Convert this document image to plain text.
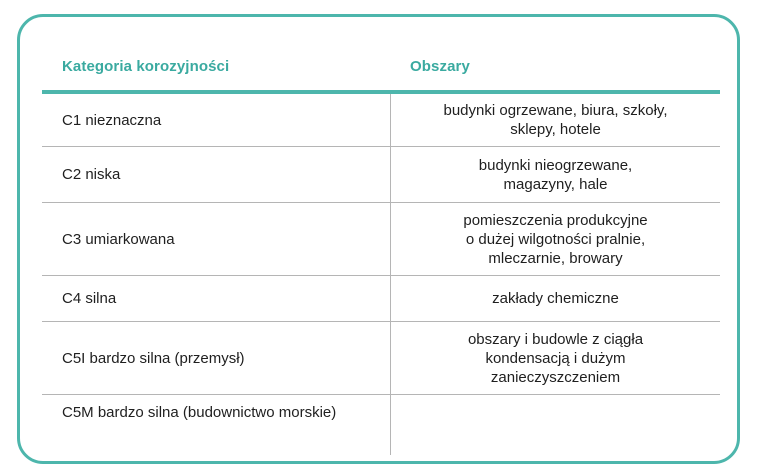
Kategoria korozyjności	Obszary
C1 nieznaczna
budynki ogrzewane, biura, szkoły,
sklepy, hotele
C2 niska
budynki nieogrzewane,
magazyny, hale
C3 umiarkowana
pomieszczenia produkcyjne
o dużej wilgotności pralnie,
mleczarnie, browary
C4 silna	zakłady chemiczne
C5I bardzo silna (przemysł)
obszary i budowle z ciągła
kondensacją i dużym
zanieczyszczeniem
C5M bardzo silna (budownictwo morskie)
